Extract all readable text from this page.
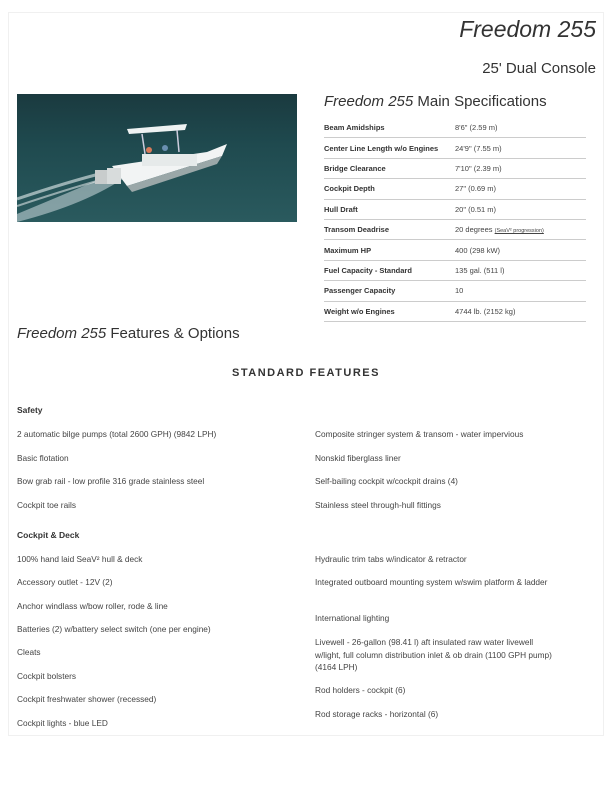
Freedom 255
25' Dual Console
Freedom 255 Main Specifications
Beam Amidships	8'6" (2.59 m)
Center Line Length w/o Engines	24'9" (7.55 m)
Bridge Clearance	7'10" (2.39 m)
Cockpit Depth	27" (0.69 m)
Hull Draft	20" (0.51 m)
Transom Deadrise	20 degrees (SeaV² progression)
Maximum HP	400 (298 kW)
Fuel Capacity - Standard	135 gal. (511 l)
Passenger Capacity	10
Weight w/o Engines	4744 lb. (2152 kg)
Freedom 255 Features & Options
STANDARD FEATURES
Safety
2 automatic bilge pumps (total 2600 GPH) (9842 LPH)
Basic flotation
Bow grab rail - low profile 316 grade stainless steel
Cockpit toe rails
Composite stringer system & transom - water impervious
Nonskid fiberglass liner
Self-bailing cockpit w/cockpit drains (4)
Stainless steel through-hull fittings
Cockpit & Deck
100% hand laid SeaV² hull & deck
Accessory outlet - 12V (2)
Anchor windlass w/bow roller, rode & line
Batteries (2) w/battery select switch (one per engine)
Cleats
Cockpit bolsters
Cockpit freshwater shower (recessed)
Cockpit lights - blue LED
Hydraulic trim tabs w/indicator & retractor
Integrated outboard mounting system w/swim platform & ladder
International lighting
Livewell - 26-gallon (98.41 l) aft insulated raw water livewell w/light, full column distribution inlet & ob drain (1100 GPH pump) (4164 LPH)
Rod holders - cockpit (6)
Rod storage racks - horizontal (6)
